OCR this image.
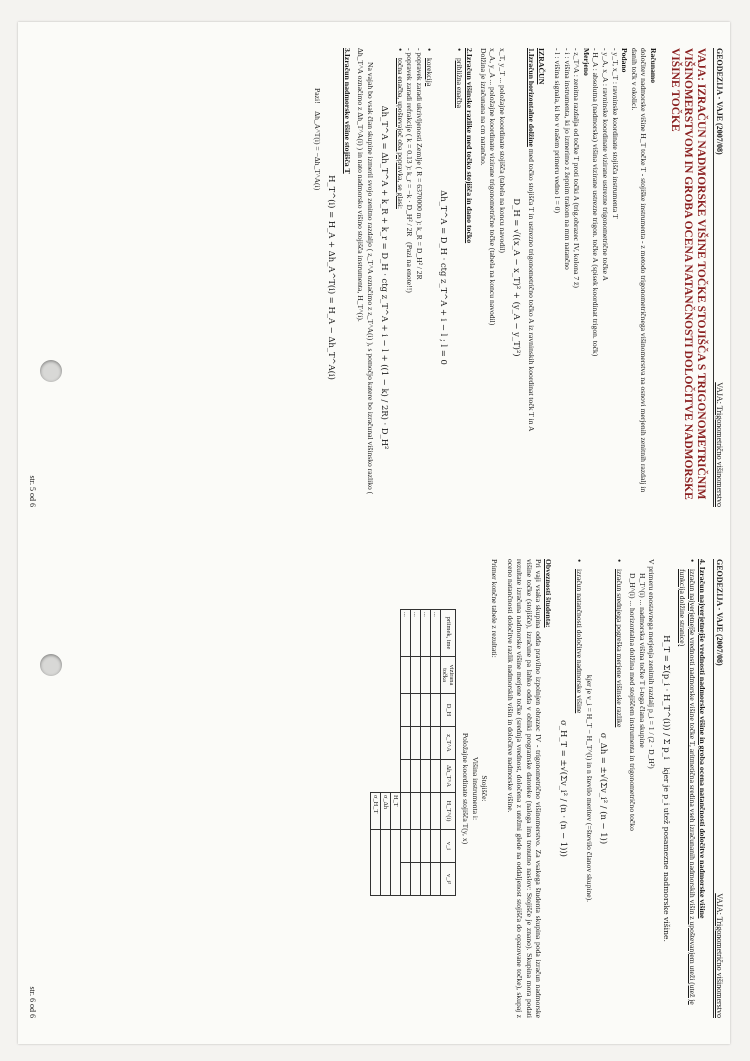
GEODEZIJA - VAJE (2007/08)
VAJA: Trigonometrično višinomerstvo
VAJA: IZRAČUN NADMORSKE VIŠINE TOČKE STOJIŠČA S TRIGONOMETRIČNIM VIŠINOMERSTVOM IN GROBA OCENA NATANČNOSTI DOLOČITVE NADMORSKE VIŠINE TOČKE

Računamo

določitev nadmorske višine H_T točke T - stojiške instrumenta - z metodo trigonometričnega višinomerstva na osnovi merjenih zenitnih razdalj in danih točk v okolici.

Podano

- y_T, x_T : ravninske koordinate stojišča instrumenta T

- y_A, x_A : ravninske koordinate vizirane ustrezne trigonometrične točke A

- H_A : absolutna (nadmorska) višina vizirane ustrezne trigon. točke A (spisek koordinat trigon. točk)

Merjeno

- z_T^A : zenitna razdalja od točke T proti točki A (trig.obrazec IV, kolona 7 z̄)

- i : višina instrumenta, ki jo izmerimo z žepnim trakom na mm natančno

- l : višina signala, ki bo v našem primeru vedno l = 0)

IZRAČUN

1.Izračun horizontalne dolžine med točko stojišča T in ustrezno trigonometrično točko A iz ravninskih koordinat točk T in A

D_H = √((x_A − x_T)² + (y_A − y_T)²)

x_T, y_T ... položajne koordinate stojišča (tabela na koncu navodil)

x_A, y_A ... položajne koordinate vizirane trigonometrične točke (tabela na koncu navodil)

Dolžina je izračunana na cm natančno.

2.Izračun višinske razlike med točko stojišča in dano točko
• približna enačba
Δh_T^A = D_H · ctg z_T^A + i − l ; l = 0
• korekcija

- popravek zaradi ukrivljenosti Zemlje ( R = 6370000 m ): k_R = D_H² / 2R

- popravek zaradi refrakcije ( k = 0.13 ): k_r = −k · D_H² / 2R   (Pazi na enote!!)

• točna enačba, upoštevajoč oba popravka, se glasi:
Δh_T^A = Δh_T^A + k_R + k_r = D_H · ctg z_T^A + i − l + ((1 − k) / 2R) · D_H²

Na vajah bo vsak član skupine izmeril svojo zenitno razdaljo ( z_T^A označimo z z_T^A(i) ), s pomočjo katere bo izračunal višinsko razliko ( Δh_T^A označimo z Δh_T^A(i) ) in nato nadmorsko višino stojišča instrumenta, H_T^(i).

3.Izračun nadmorske višine stojišča T
H_T^(i) = H_A + Δh_A^T(i) = H_A − Δh_T^A(i)

Pazi!    Δh_A^T(i) = −Δh_T^A(i)

str. 5 od 6
GEODEZIJA - VAJE (2007/08)
VAJA: Trigonometrično višinomerstvo
4. Izračun najverjetnejše vrednosti nadmorske višine in groba ocena natančnosti določitve nadmorske višine
• izračun najverjetnejše vrednosti nadmorske višine točke T, aritmetična sredina vseh izračunanih nadmorskih višin z upoštevanjem uteži (utež je funkcija dolžine stranice)
H_T = Σ(p_i · H_T^(i)) / Σ p_i   kjer je p_i utež posamezne nadmorske višine.

V primeru enostavnega merjenja zenitnih razdalj p_i = 1 / (2 · D_H²)

H_T^(i) ... nadmorska višina točke T i-tega člana skupine

D_H^(i) ... horizontalna dolžina med stojiščem instrumenta in trigonometrično točko

• izračun srednjega pogreška merjene višinske razlike
σ_Δh = ±√(Σv_i² / (n − 1))

kjer je v_i = H_T − H_T^(i) in n število meritev (=število članov skupine).

• izračun natančnosti določitve nadmorske višine
σ_H_T = ±√(Σv_i² / (n · (n − 1)))

Obveznosti študenta:

Pri vaji vsaka skupina odda pravilno izpolnjen obrazec IV - trigonometrično višinomerstvo. Za vsakega študenta skupina poda izračun nadmorske višine točke (stojišče), izračune pa lahko odda v obliki programske datoteke (naloga ima trenutno naslov: Stojišče je znano). Skupina mora podati rezultate izračuna nadmorske višine merjene točke (srednja vrednost, določena z utežmi glede na oddaljenost stojišča do opazovane točke), skupaj z oceno natančnosti določitve razlik nadmorskih višin in določitve nadmorske višine.

Primer končne tabele z rezultati:

Stojišče:
Višina instrumenta i:
Položajne koordinate stojišča T(y, x)
priimek, ime	vizirana točka	D_H	z_T^A	Δh_T^A	H_T^(i)	v_i	v_i²
...							
...							
...							
...							
					H_T		
					σ_Δh		
					σ_H_T		
str. 6 od 6
